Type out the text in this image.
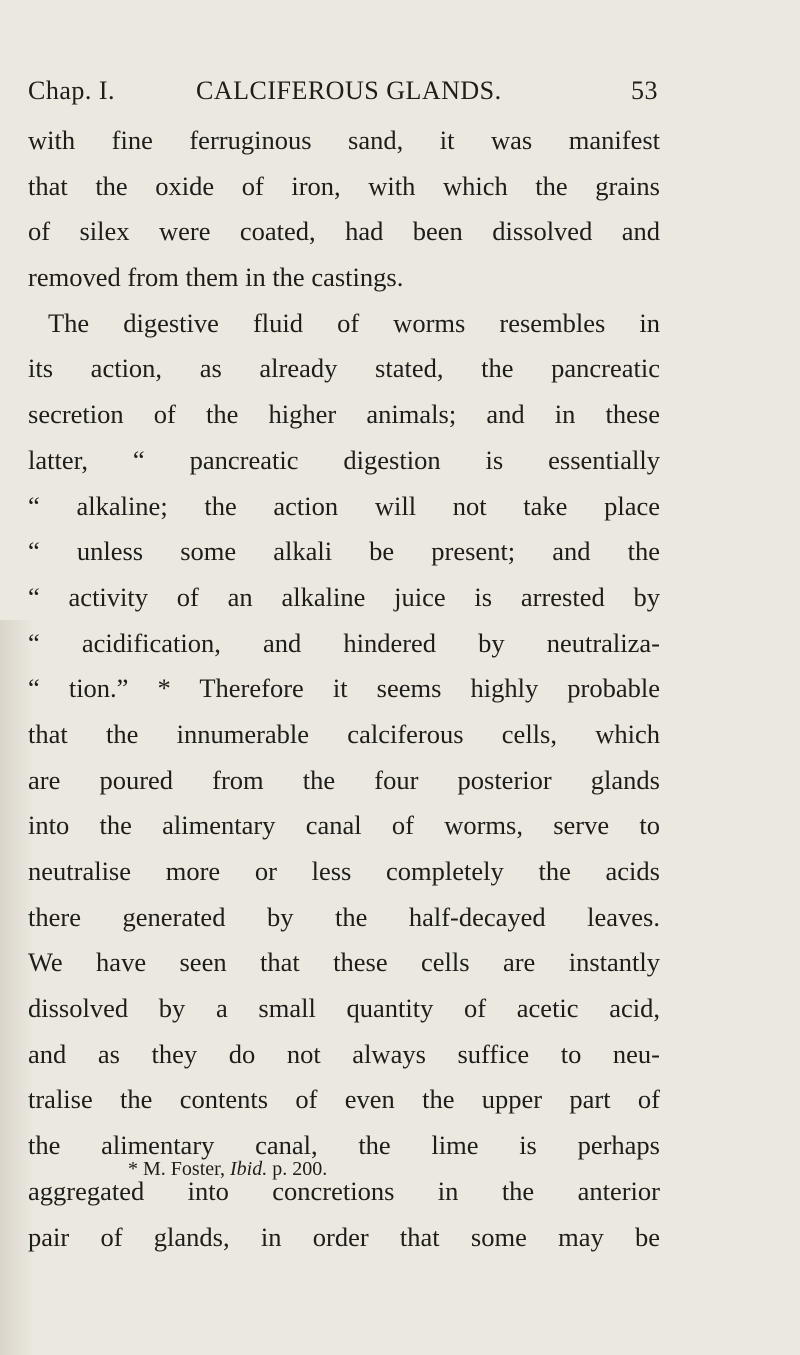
Chap. I.	CALCIFEROUS GLANDS.	53
with fine ferruginous sand, it was manifest
that the oxide of iron, with which the grains
of silex were coated, had been dissolved and
removed from them in the castings.
The digestive fluid of worms resembles in
its action, as already stated, the pancreatic
secretion of the higher animals; and in these
latter, “ pancreatic digestion is essentially
“ alkaline; the action will not take place
“ unless some alkali be present; and the
“ activity of an alkaline juice is arrested by
“ acidification, and hindered by neutraliza-
“ tion.” * Therefore it seems highly probable
that the innumerable calciferous cells, which
are poured from the four posterior glands
into the alimentary canal of worms, serve to
neutralise more or less completely the acids
there generated by the half-decayed leaves.
We have seen that these cells are instantly
dissolved by a small quantity of acetic acid,
and as they do not always suffice to neu-
tralise the contents of even the upper part of
the alimentary canal, the lime is perhaps
aggregated into concretions in the anterior
pair of glands, in order that some may be
* M. Foster, Ibid. p. 200.
